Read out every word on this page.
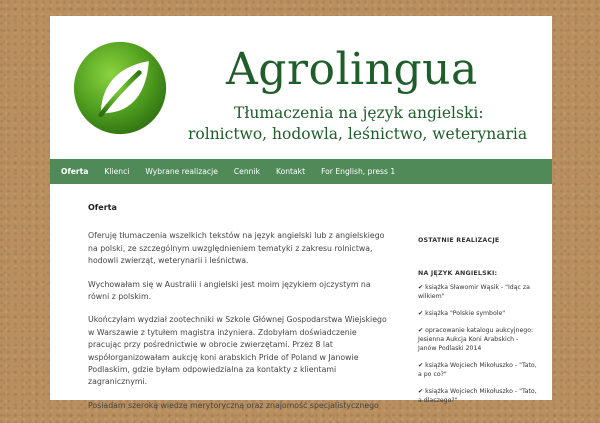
Agrolingua
Tłumaczenia na język angielski:
rolnictwo, hodowla, leśnictwo, weterynaria
Oferta	Klienci	Wybrane realizacje	Cennik	Kontakt	For English, press 1
Oferta

Oferuję tłumaczenia wszelkich tekstów na język angielski lub z angielskiego na polski, ze szczególnym uwzględnieniem tematyki z zakresu rolnictwa, hodowli zwierząt, weterynarii i leśnictwa.

Wychowałam się w Australii i angielski jest moim językiem ojczystym na równi z polskim.

Ukończyłam wydział zootechniki w Szkole Głównej Gospodarstwa Wiejskiego w Warszawie z tytułem magistra inżyniera. Zdobyłam doświadczenie pracując przy pośrednictwie w obrocie zwierzętami. Przez 8 lat współorganizowałam aukcję koni arabskich Pride of Poland w Janowie Podlaskim, gdzie byłam odpowiedzialna za kontakty z klientami zagranicznymi.

Posiadam szeroką wiedzę merytoryczną oraz znajomość specjalistycznego

OSTATNIE REALIZACJE
NA JĘZYK ANGIELSKI:
✔ książka Sławomir Wąsik - "Idąc za wilkiem"
✔ książka "Polskie symbole"
✔ opracowanie katalogu aukcyjnego: Jesienna Aukcja Koni Arabskich - Janów Podlaski 2014
✔ książka Wojciech Mikołuszko - "Tato, a po co?"
✔ książka Wojciech Mikołuszko - "Tato, a dlaczego?"
